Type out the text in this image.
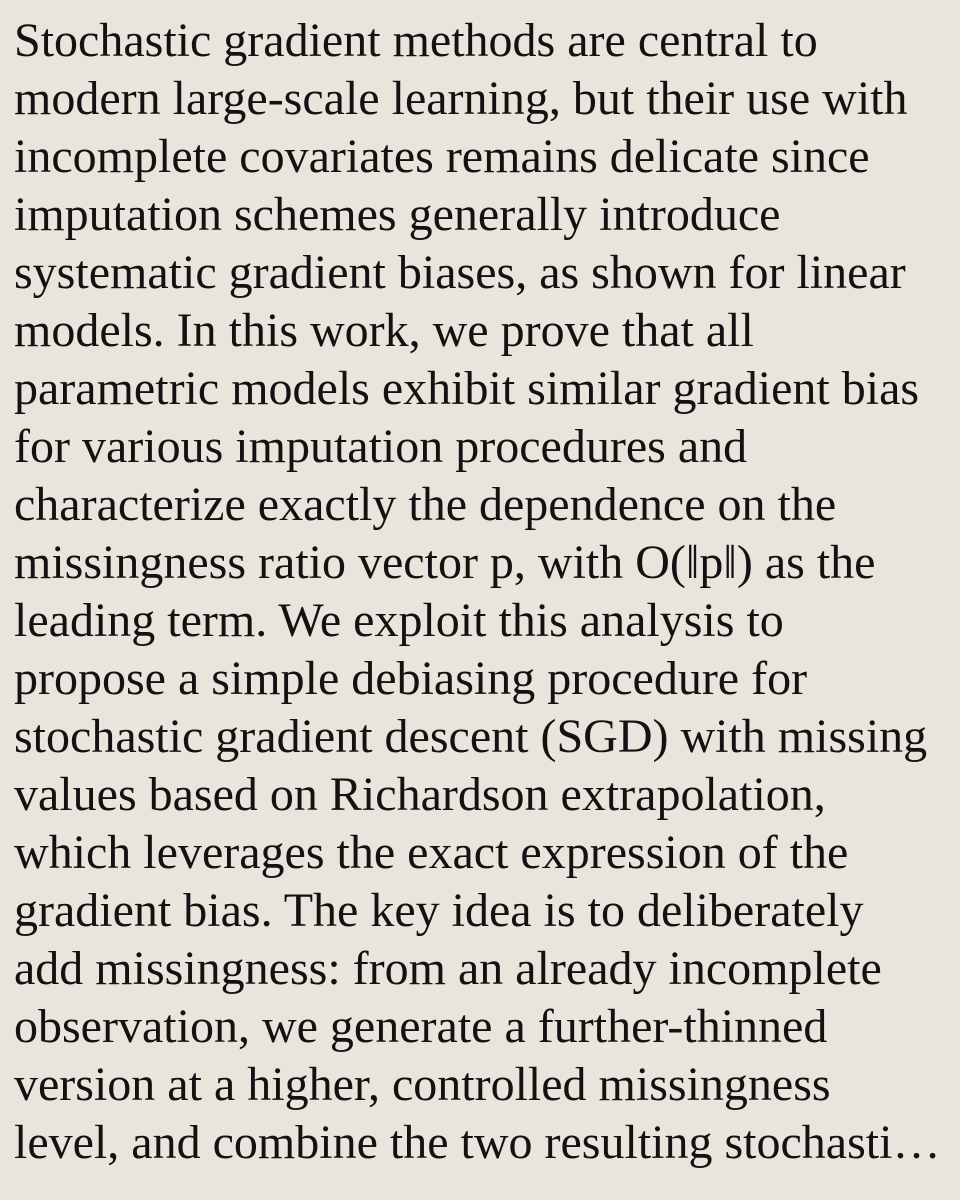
Stochastic gradient methods are central to
modern large-scale learning, but their use with
incomplete covariates remains delicate since
imputation schemes generally introduce
systematic gradient biases, as shown for linear
models. In this work, we prove that all
parametric models exhibit similar gradient bias
for various imputation procedures and
characterize exactly the dependence on the
missingness ratio vector p, with O(‖p‖) as the
leading term. We exploit this analysis to
propose a simple debiasing procedure for
stochastic gradient descent (SGD) with missing
values based on Richardson extrapolation,
which leverages the exact expression of the
gradient bias. The key idea is to deliberately
add missingness: from an already incomplete
observation, we generate a further-thinned
version at a higher, controlled missingness
level, and combine the two resulting stochasti…
